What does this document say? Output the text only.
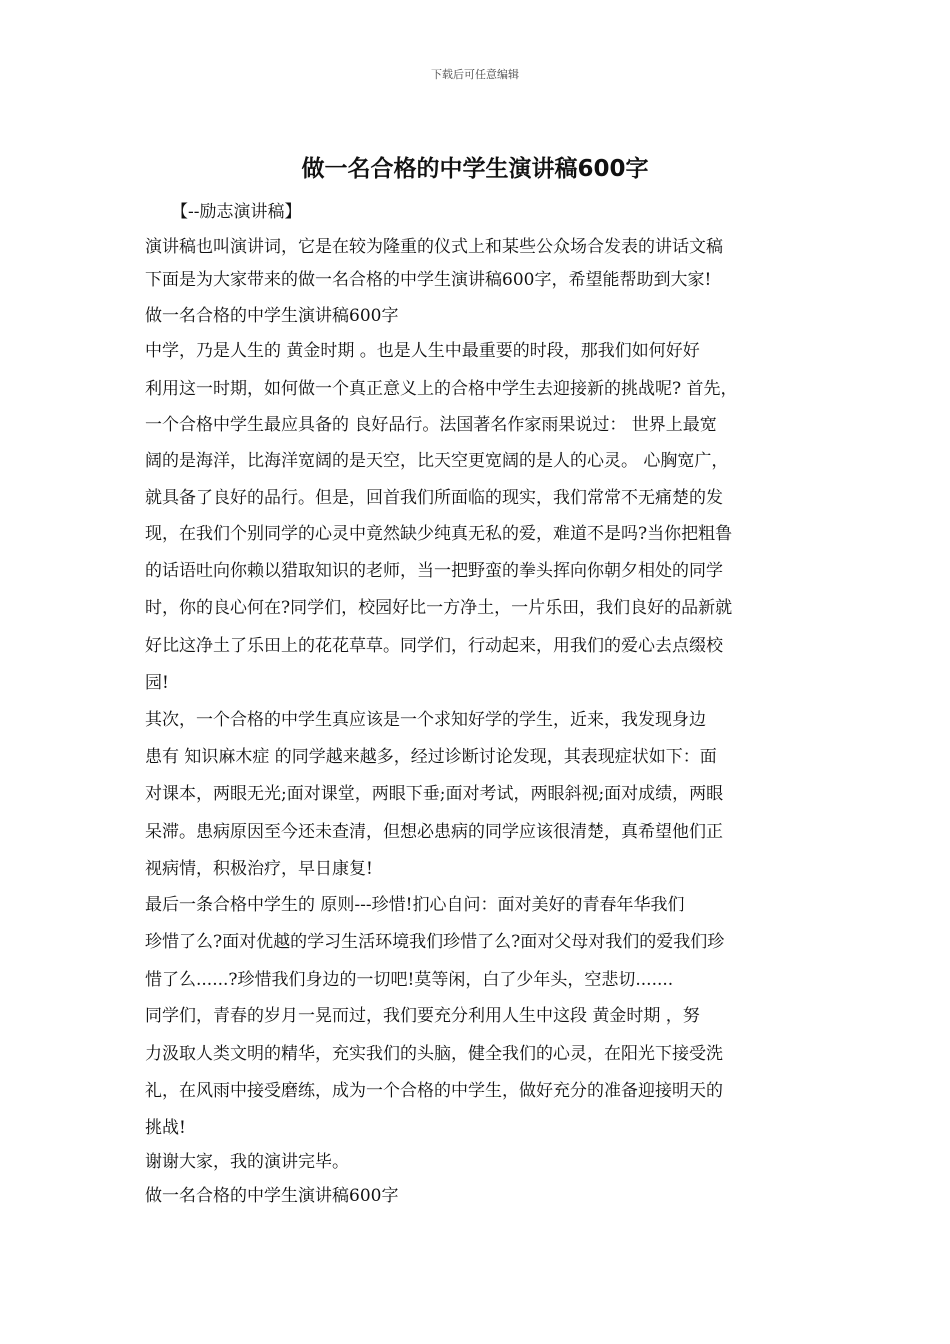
下载后可任意编辑
做一名合格的中学生演讲稿600字
【--励志演讲稿】
演讲稿也叫演讲词，它是在较为隆重的仪式上和某些公众场合发表的讲话文稿
下面是为大家带来的做一名合格的中学生演讲稿600字，希望能帮助到大家!
做一名合格的中学生演讲稿600字
中学，乃是人生的 黄金时期 。也是人生中最重要的时段，那我们如何好好
利用这一时期，如何做一个真正意义上的合格中学生去迎接新的挑战呢? 首先，
一个合格中学生最应具备的 良好品行。法国著名作家雨果说过： 世界上最宽
阔的是海洋，比海洋宽阔的是天空，比天空更宽阔的是人的心灵。 心胸宽广，
就具备了良好的品行。但是，回首我们所面临的现实，我们常常不无痛楚的发
现，在我们个别同学的心灵中竟然缺少纯真无私的爱，难道不是吗?当你把粗鲁
的话语吐向你赖以猎取知识的老师，当一把野蛮的拳头挥向你朝夕相处的同学
时，你的良心何在?同学们，校园好比一方净土，一片乐田，我们良好的品新就
好比这净土了乐田上的花花草草。同学们，行动起来，用我们的爱心去点缀校
园!
其次，一个合格的中学生真应该是一个求知好学的学生，近来，我发现身边
患有 知识麻木症 的同学越来越多，经过诊断讨论发现，其表现症状如下：面
对课本，两眼无光;面对课堂，两眼下垂;面对考试，两眼斜视;面对成绩，两眼
呆滞。患病原因至今还未查清，但想必患病的同学应该很清楚，真希望他们正
视病情，积极治疗，早日康复!
最后一条合格中学生的 原则---珍惜!扪心自问：面对美好的青春年华我们
珍惜了么?面对优越的学习生活环境我们珍惜了么?面对父母对我们的爱我们珍
惜了么......?珍惜我们身边的一切吧!莫等闲，白了少年头，空悲切.......
同学们，青春的岁月一晃而过，我们要充分利用人生中这段 黄金时期 ，努
力汲取人类文明的精华，充实我们的头脑，健全我们的心灵，在阳光下接受洗
礼，在风雨中接受磨练，成为一个合格的中学生，做好充分的准备迎接明天的
挑战!
谢谢大家，我的演讲完毕。
做一名合格的中学生演讲稿600字
